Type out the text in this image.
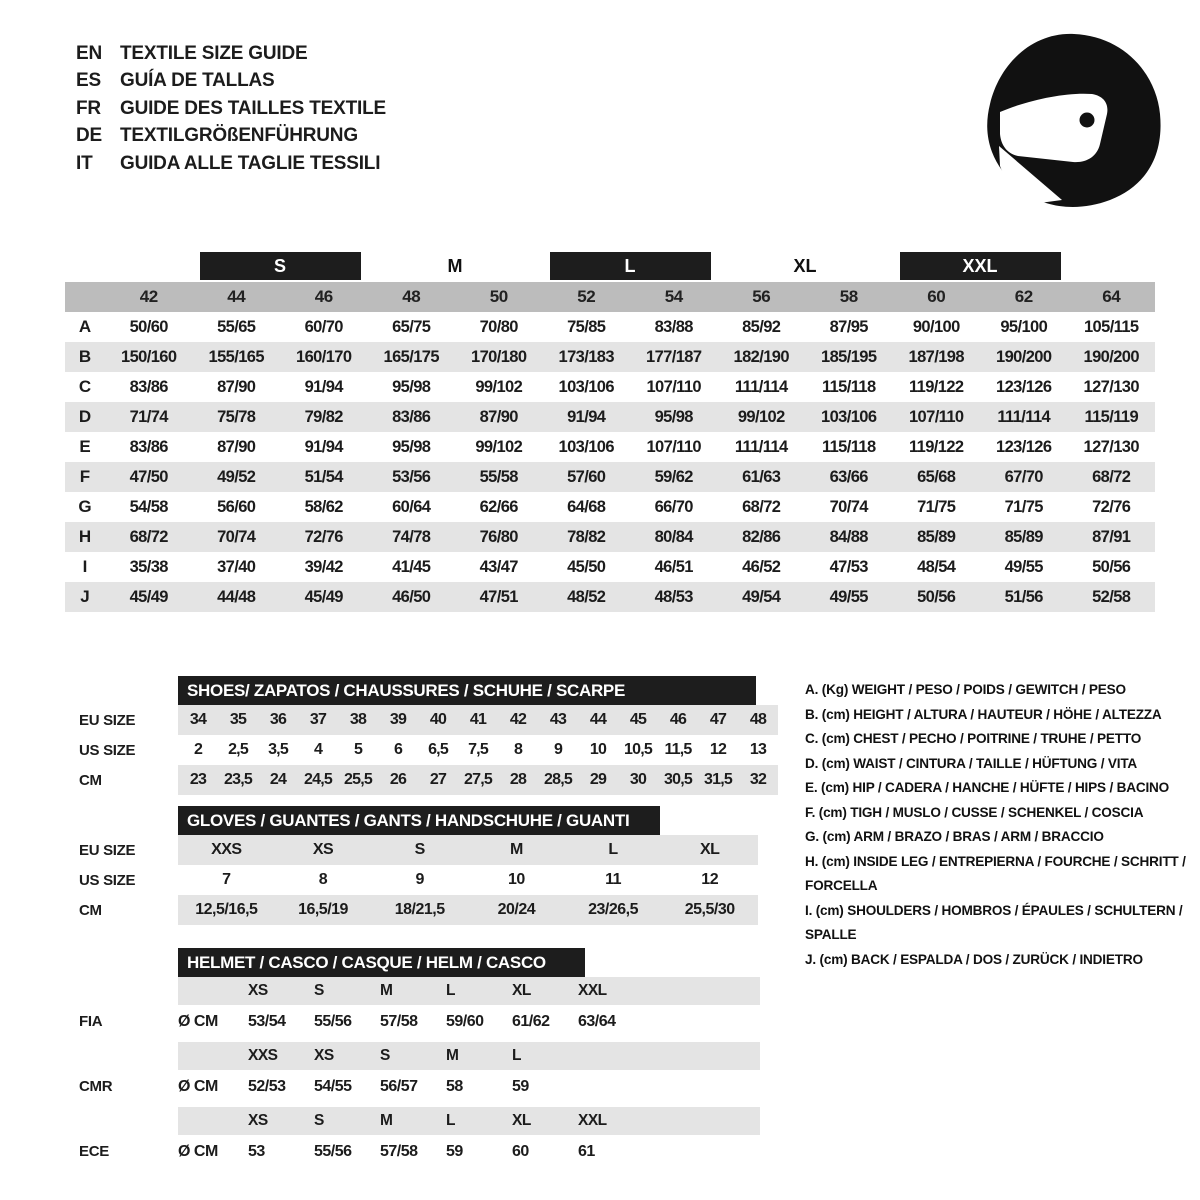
EN TEXTILE SIZE GUIDE
ES	GUÍA DE TALLAS
FR	GUIDE DES TAILLES TEXTILE
DE TEXTILGRÖßENFÜHRUNG
IT	GUIDA ALLE TAGLIE TESSILI
S	M	L	XL	XXL
42	44	46	48	50	52	54	56	58	60	62	64
A	50/60	55/65	60/70	65/75	70/80	75/85	83/88	85/92	87/95	90/100	95/100	105/115
B	150/160	155/165	160/170	165/175	170/180	173/183	177/187	182/190	185/195	187/198	190/200	190/200
C	83/86	87/90	91/94	95/98	99/102	103/106	107/110	111/114	115/118	119/122	123/126	127/130
D	71/74	75/78	79/82	83/86	87/90	91/94	95/98	99/102	103/106	107/110	111/114	115/119
E	83/86	87/90	91/94	95/98	99/102	103/106	107/110	111/114	115/118	119/122	123/126	127/130
F	47/50	49/52	51/54	53/56	55/58	57/60	59/62	61/63	63/66	65/68	67/70	68/72
G	54/58	56/60	58/62	60/64	62/66	64/68	66/70	68/72	70/74	71/75	71/75	72/76
H	68/72	70/74	72/76	74/78	76/80	78/82	80/84	82/86	84/88	85/89	85/89	87/91
I	35/38	37/40	39/42	41/45	43/47	45/50	46/51	46/52	47/53	48/54	49/55	50/56
J	45/49	44/48	45/49	46/50	47/51	48/52	48/53	49/54	49/55	50/56	51/56	52/58
SHOES/ ZAPATOS / CHAUSSURES / SCHUHE / SCARPE
EU SIZE	34	35	36	37	38	39	40	41	42	43	44	45	46	47	48
US SIZE	2	2,5	3,5	4	5	6	6,5	7,5	8	9	10	10,5 11,5	12	13
CM	23	23,5	24	24,5 25,5	26	27	27,5	28	28,5	29	30	30,5 31,5	32
GLOVES / GUANTES / GANTS / HANDSCHUHE / GUANTI
EU SIZE	XXS	XS	S	M	L	XL
US SIZE	7	8	9	10	11	12
CM	12,5/16,5	16,5/19	18/21,5	20/24	23/26,5	25,5/30
HELMET / CASCO / CASQUE / HELM / CASCO
XS	S	M	L	XL	XXL
FIA	Ø CM	53/54	55/56	57/58	59/60	61/62	63/64
XXS	XS	S	M	L
CMR	Ø CM	52/53	54/55	56/57	58	59
XS	S	M	L	XL	XXL
ECE	Ø CM	53	55/56	57/58	59	60	61
A. (Kg) WEIGHT / PESO / POIDS / GEWITCH / PESO
B. (cm) HEIGHT / ALTURA / HAUTEUR / HÖHE / ALTEZZA
C. (cm) CHEST / PECHO / POITRINE / TRUHE / PETTO
D. (cm) WAIST / CINTURA / TAILLE / HÜFTUNG / VITA
E. (cm) HIP / CADERA / HANCHE / HÜFTE / HIPS / BACINO
F. (cm) TIGH / MUSLO / CUSSE / SCHENKEL / COSCIA
G. (cm) ARM / BRAZO / BRAS / ARM / BRACCIO
H. (cm) INSIDE LEG / ENTREPIERNA / FOURCHE / SCHRITT / FORCELLA
I. (cm) SHOULDERS / HOMBROS / ÉPAULES / SCHULTERN / SPALLE
J. (cm) BACK / ESPALDA / DOS / ZURÜCK / INDIETRO
